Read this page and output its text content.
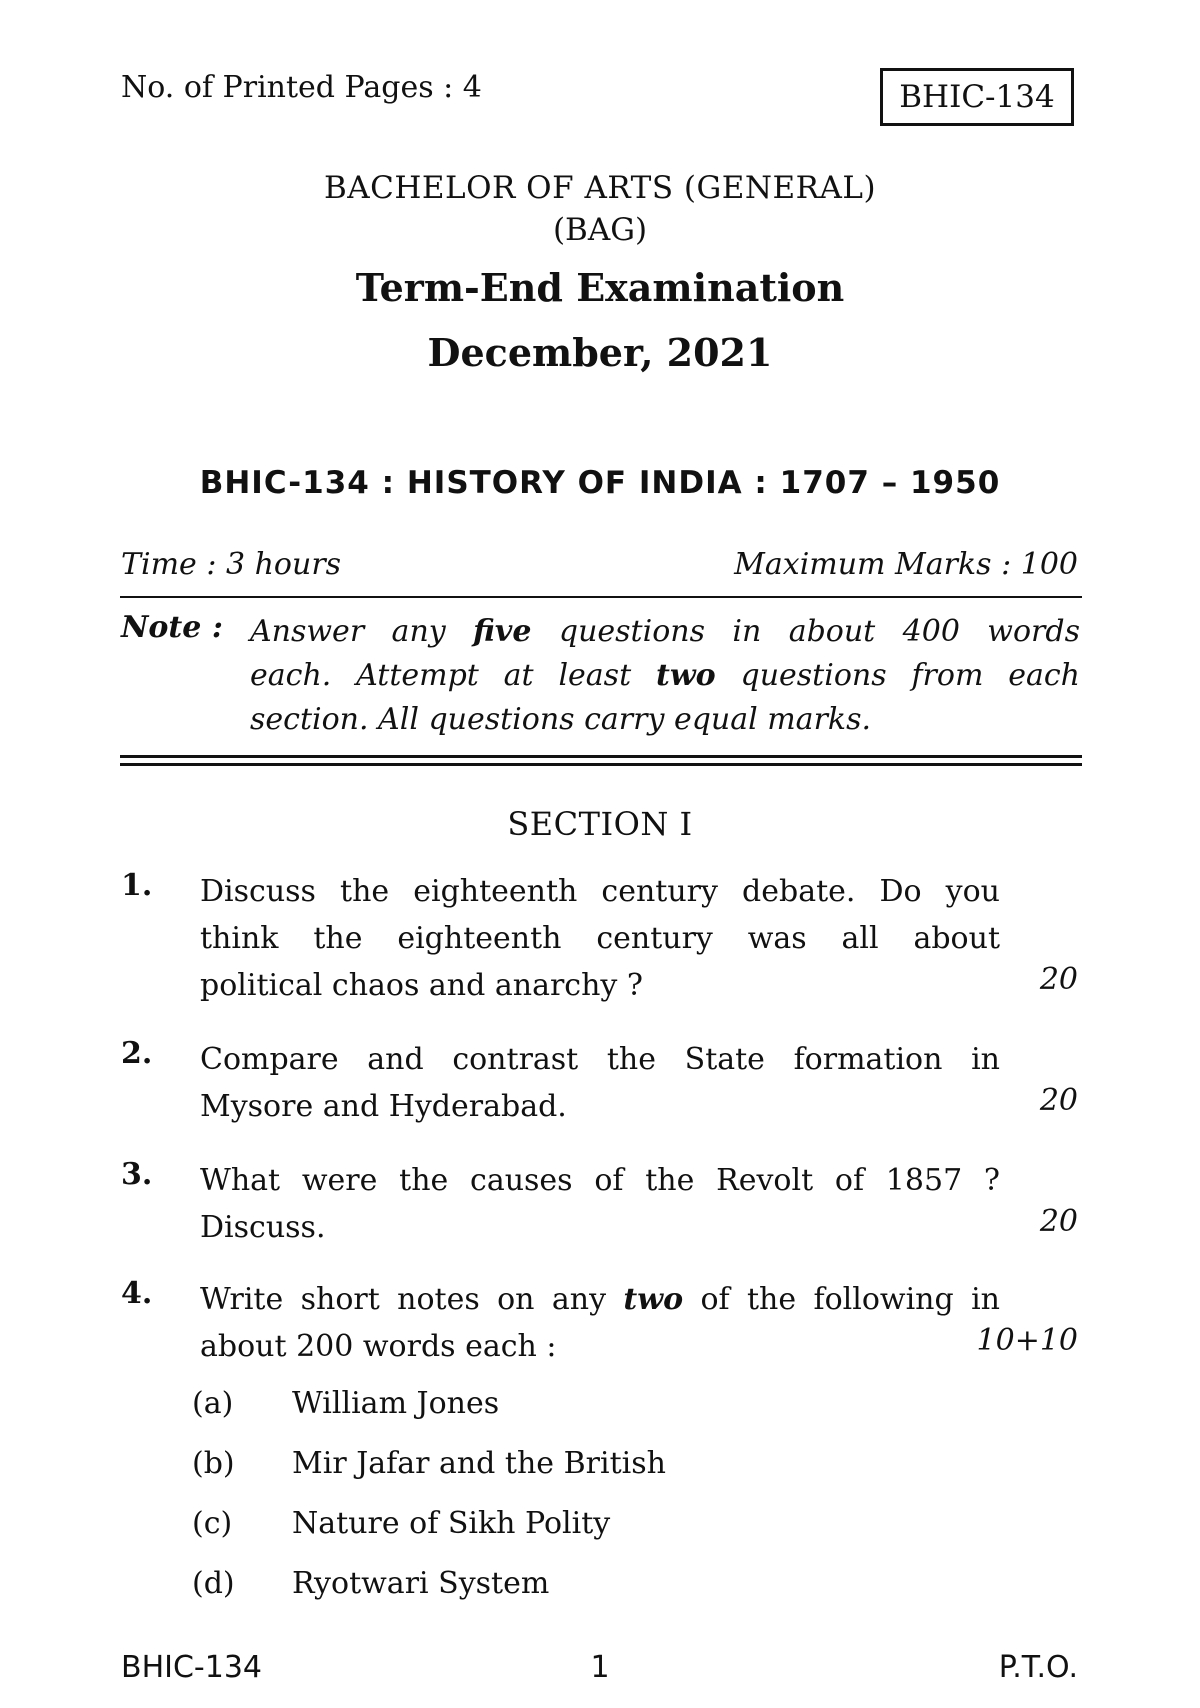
No. of Printed Pages : 4	BHIC-134
BACHELOR OF ARTS (GENERAL)
(BAG)
Term-End Examination
December, 2021
BHIC-134 : HISTORY OF INDIA : 1707 – 1950
Time : 3 hours	Maximum Marks : 100
Note : Answer any five questions in about 400 words
each. Attempt at least two questions from each
section. All questions carry equal marks.
SECTION I
1. Discuss the eighteenth century debate. Do you
think the eighteenth century was all about
political chaos and anarchy ?	20
2. Compare and contrast the State formation in
Mysore and Hyderabad.	20
3. What were the causes of the Revolt of 1857 ?
Discuss.	20
4. Write short notes on any two of the following in
about 200 words each :	10+10
(a) William Jones
(b) Mir Jafar and the British
(c) Nature of Sikh Polity
(d) Ryotwari System
BHIC-134	1	P.T.O.
